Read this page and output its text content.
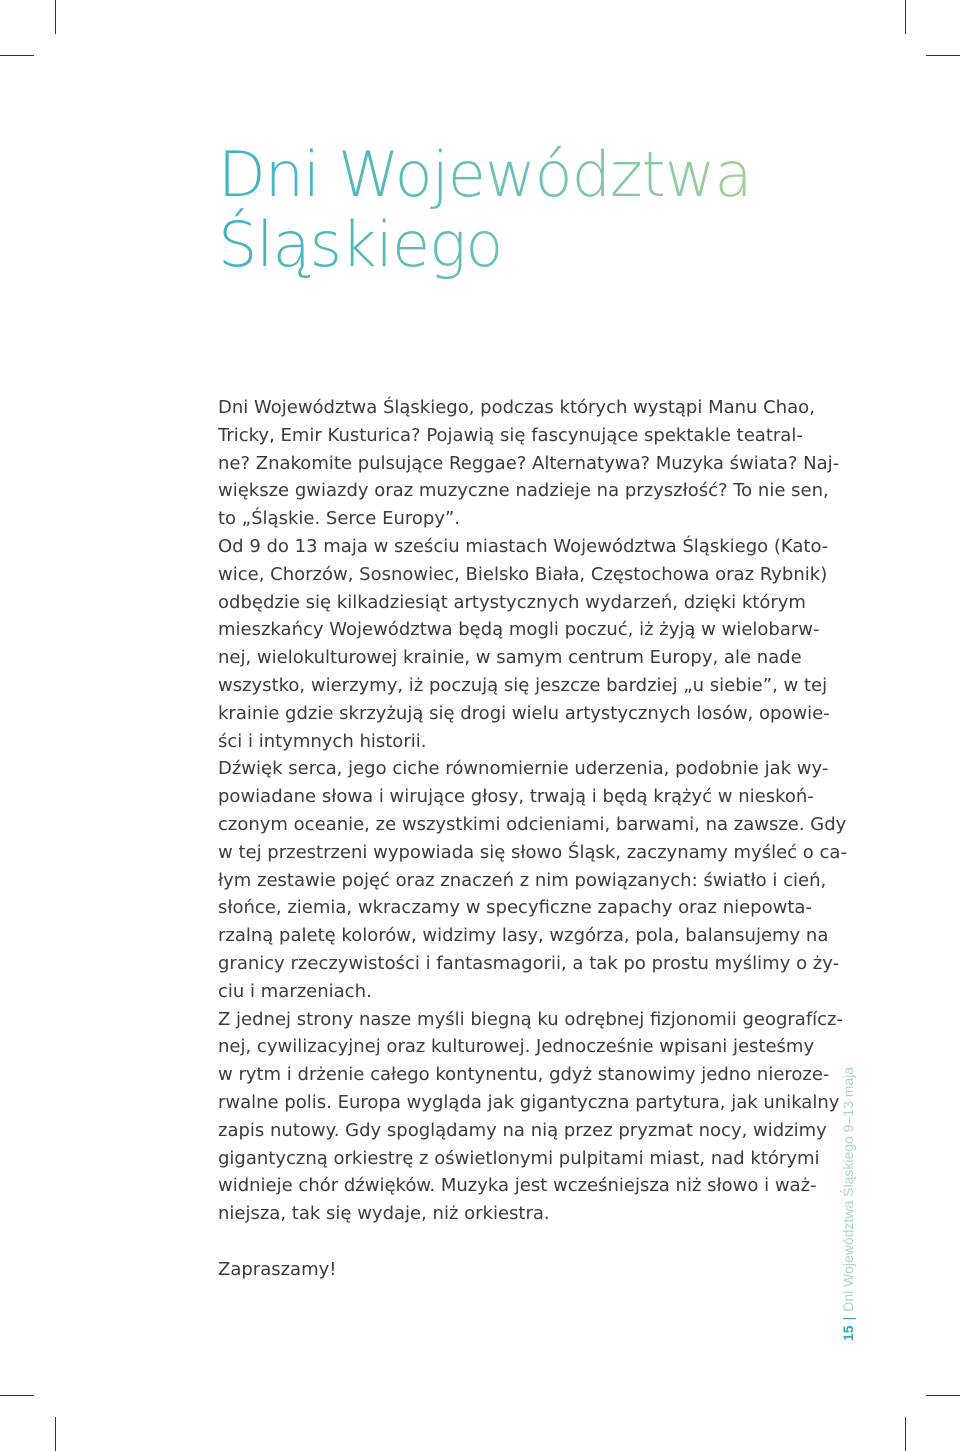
Dni Województwa
Śląskiego
Dni Województwa Śląskiego, podczas których wystąpi Manu Chao,
Tricky, Emir Kusturica? Pojawią się fascynujące spektakle teatral-
ne? Znakomite pulsujące Reggae? Alternatywa? Muzyka świata? Naj-
większe gwiazdy oraz muzyczne nadzieje na przyszłość? To nie sen,
to „Śląskie. Serce Europy”.
Od 9 do 13 maja w sześciu miastach Województwa Śląskiego (Kato-
wice, Chorzów, Sosnowiec, Bielsko Biała, Częstochowa oraz Rybnik)
odbędzie się kilkadziesiąt artystycznych wydarzeń, dzięki którym
mieszkańcy Województwa będą mogli poczuć, iż żyją w wielobarw-
nej, wielokulturowej krainie, w samym centrum Europy, ale nade
wszystko, wierzymy, iż poczują się jeszcze bardziej „u siebie”, w tej
krainie gdzie skrzyżują się drogi wielu artystycznych losów, opowie-
ści i intymnych historii.
Dźwięk serca, jego ciche równomiernie uderzenia, podobnie jak wy-
powiadane słowa i wirujące głosy, trwają i będą krążyć w nieskoń-
czonym oceanie, ze wszystkimi odcieniami, barwami, na zawsze. Gdy
w tej przestrzeni wypowiada się słowo Śląsk, zaczynamy myśleć o ca-
łym zestawie pojęć oraz znaczeń z nim powiązanych: światło i cień,
słońce, ziemia, wkraczamy w specyficzne zapachy oraz niepowta-
rzalną paletę kolorów, widzimy lasy, wzgórza, pola, balansujemy na
granicy rzeczywistości i fantasmagorii, a tak po prostu myślimy o ży-
ciu i marzeniach.
Z jednej strony nasze myśli biegną ku odrębnej fizjonomii geografícz-
nej, cywilizacyjnej oraz kulturowej. Jednocześnie wpisani jesteśmy
w rytm i drżenie całego kontynentu, gdyż stanowimy jedno nieroze-
rwalne polis. Europa wygląda jak gigantyczna partytura, jak unikalny
zapis nutowy. Gdy spoglądamy na nią przez pryzmat nocy, widzimy
gigantyczną orkiestrę z oświetlonymi pulpitami miast, nad którymi
widnieje chór dźwięków. Muzyka jest wcześniejsza niż słowo i waż-
niejsza, tak się wydaje, niż orkiestra.
Zapraszamy!
15|Dni Województwa Śląskiego 9–13 maja
